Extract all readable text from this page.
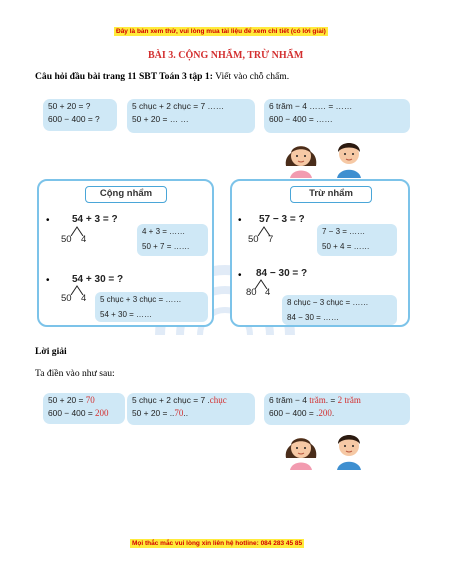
Đây là bản xem thử, vui lòng mua tài liệu để xem chi tiết (có lời giải)
BÀI 3. CỘNG NHẨM, TRỪ NHẨM
Câu hỏi đầu bài trang 11 SBT Toán 3 tập 1: Viết vào chỗ chấm.
50 + 20 = ?
600 − 400 = ?
5 chục + 2 chục = 7 ……
50 + 20 = … …
6 trăm − 4 …… = ……
600 − 400 = ……
Cộng nhẩm
• 54 + 3 = ?
50 4
4 + 3 = ……
50 + 7 = ……
• 54 + 30 = ?
50 4 5 chục + 3 chục = ……
54 + 30 = ……
Trừ nhẩm
• 57 − 3 = ?
50 7
7 − 3 = ……
50 + 4 = ……
• 84 − 30 = ?
80 4
8 chục − 3 chục = ……
84 − 30 = ……
Lời giải
Ta điền vào như sau:
50 + 20 = 70
600 − 400 = 200
5 chục + 2 chục = 7 .chục
50 + 20 = ..70..
6 trăm − 4 trăm. = 2 trăm
600 − 400 = .200.
Mọi thắc mắc vui lòng xin liên hệ hotline: 084 283 45 85
